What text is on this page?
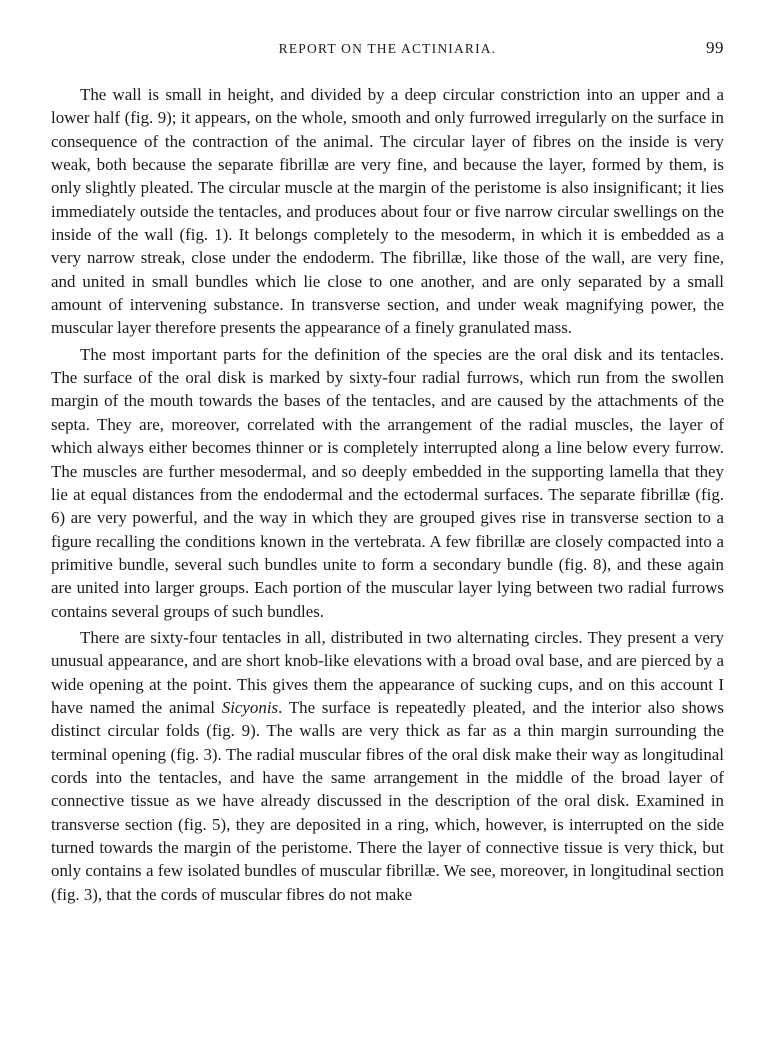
REPORT ON THE ACTINIARIA.	99

The wall is small in height, and divided by a deep circular constriction into an upper and a lower half (fig. 9); it appears, on the whole, smooth and only furrowed irregularly on the surface in consequence of the contraction of the animal. The circular layer of fibres on the inside is very weak, both because the separate fibrillæ are very fine, and because the layer, formed by them, is only slightly pleated. The circular muscle at the margin of the peristome is also insignificant; it lies immediately outside the tentacles, and produces about four or five narrow circular swellings on the inside of the wall (fig. 1). It belongs completely to the mesoderm, in which it is embedded as a very narrow streak, close under the endoderm. The fibrillæ, like those of the wall, are very fine, and united in small bundles which lie close to one another, and are only separated by a small amount of intervening substance. In transverse section, and under weak magnifying power, the muscular layer therefore presents the appearance of a finely granulated mass.

The most important parts for the definition of the species are the oral disk and its tentacles. The surface of the oral disk is marked by sixty-four radial furrows, which run from the swollen margin of the mouth towards the bases of the tentacles, and are caused by the attachments of the septa. They are, moreover, correlated with the arrangement of the radial muscles, the layer of which always either becomes thinner or is completely interrupted along a line below every furrow. The muscles are further mesodermal, and so deeply embedded in the supporting lamella that they lie at equal distances from the endodermal and the ectodermal surfaces. The separate fibrillæ (fig. 6) are very powerful, and the way in which they are grouped gives rise in transverse section to a figure recalling the conditions known in the vertebrata. A few fibrillæ are closely compacted into a primitive bundle, several such bundles unite to form a secondary bundle (fig. 8), and these again are united into larger groups. Each portion of the muscular layer lying between two radial furrows contains several groups of such bundles.

There are sixty-four tentacles in all, distributed in two alternating circles. They present a very unusual appearance, and are short knob-like elevations with a broad oval base, and are pierced by a wide opening at the point. This gives them the appearance of sucking cups, and on this account I have named the animal Sicyonis. The surface is repeatedly pleated, and the interior also shows distinct circular folds (fig. 9). The walls are very thick as far as a thin margin surrounding the terminal opening (fig. 3). The radial muscular fibres of the oral disk make their way as longitudinal cords into the tentacles, and have the same arrangement in the middle of the broad layer of connective tissue as we have already discussed in the description of the oral disk. Examined in transverse section (fig. 5), they are deposited in a ring, which, however, is interrupted on the side turned towards the margin of the peristome. There the layer of connective tissue is very thick, but only contains a few isolated bundles of muscular fibrillæ. We see, moreover, in longitudinal section (fig. 3), that the cords of muscular fibres do not make
